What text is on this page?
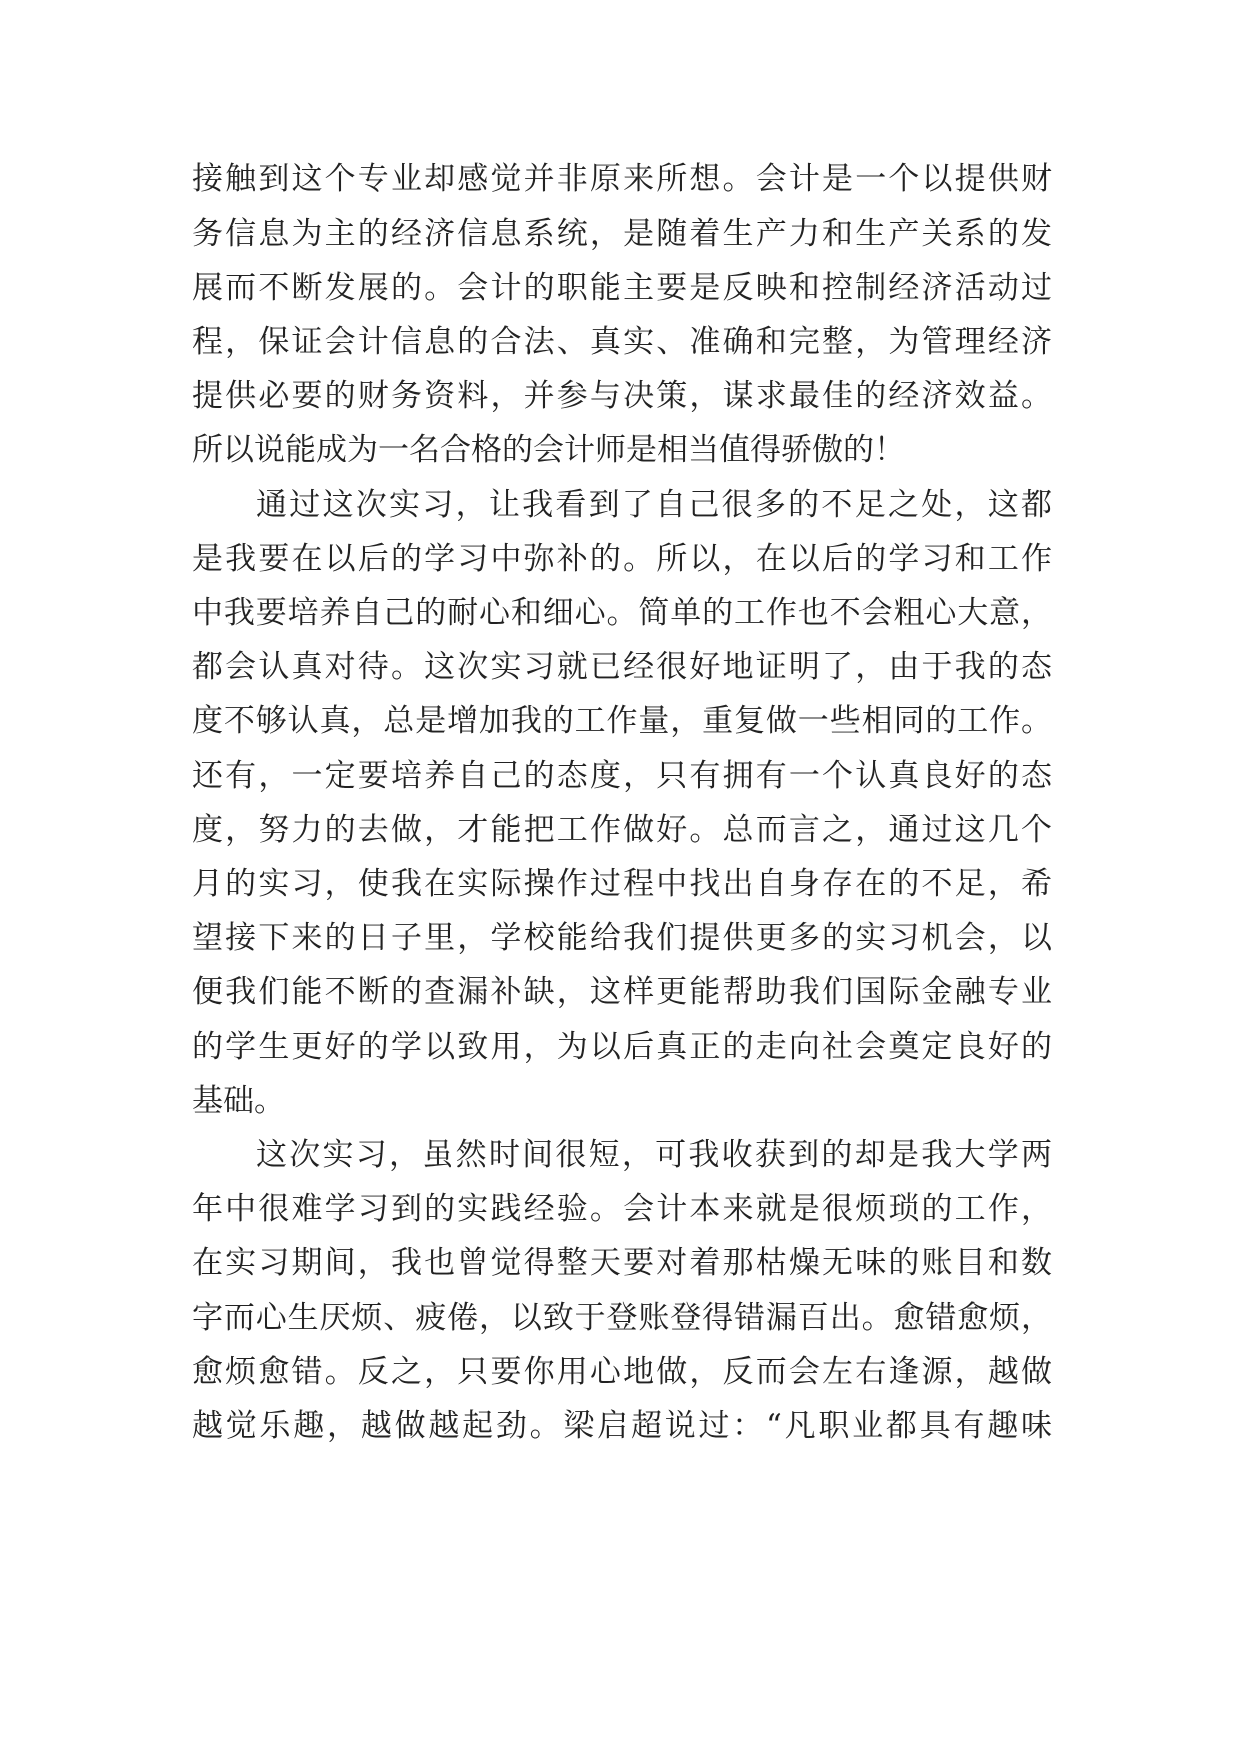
接触到这个专业却感觉并非原来所想。会计是一个以提供财
务信息为主的经济信息系统，是随着生产力和生产关系的发
展而不断发展的。会计的职能主要是反映和控制经济活动过
程，保证会计信息的合法、真实、准确和完整，为管理经济
提供必要的财务资料，并参与决策，谋求最佳的经济效益。
所以说能成为一名合格的会计师是相当值得骄傲的！
通过这次实习，让我看到了自己很多的不足之处，这都
是我要在以后的学习中弥补的。所以，在以后的学习和工作
中我要培养自己的耐心和细心。简单的工作也不会粗心大意，
都会认真对待。这次实习就已经很好地证明了，由于我的态
度不够认真，总是增加我的工作量，重复做一些相同的工作。
还有，一定要培养自己的态度，只有拥有一个认真良好的态
度，努力的去做，才能把工作做好。总而言之，通过这几个
月的实习，使我在实际操作过程中找出自身存在的不足，希
望接下来的日子里，学校能给我们提供更多的实习机会，以
便我们能不断的查漏补缺，这样更能帮助我们国际金融专业
的学生更好的学以致用，为以后真正的走向社会奠定良好的
基础。
这次实习，虽然时间很短，可我收获到的却是我大学两
年中很难学习到的实践经验。会计本来就是很烦琐的工作，
在实习期间，我也曾觉得整天要对着那枯燥无味的账目和数
字而心生厌烦、疲倦，以致于登账登得错漏百出。愈错愈烦，
愈烦愈错。反之，只要你用心地做，反而会左右逢源，越做
越觉乐趣，越做越起劲。梁启超说过：“凡职业都具有趣味
